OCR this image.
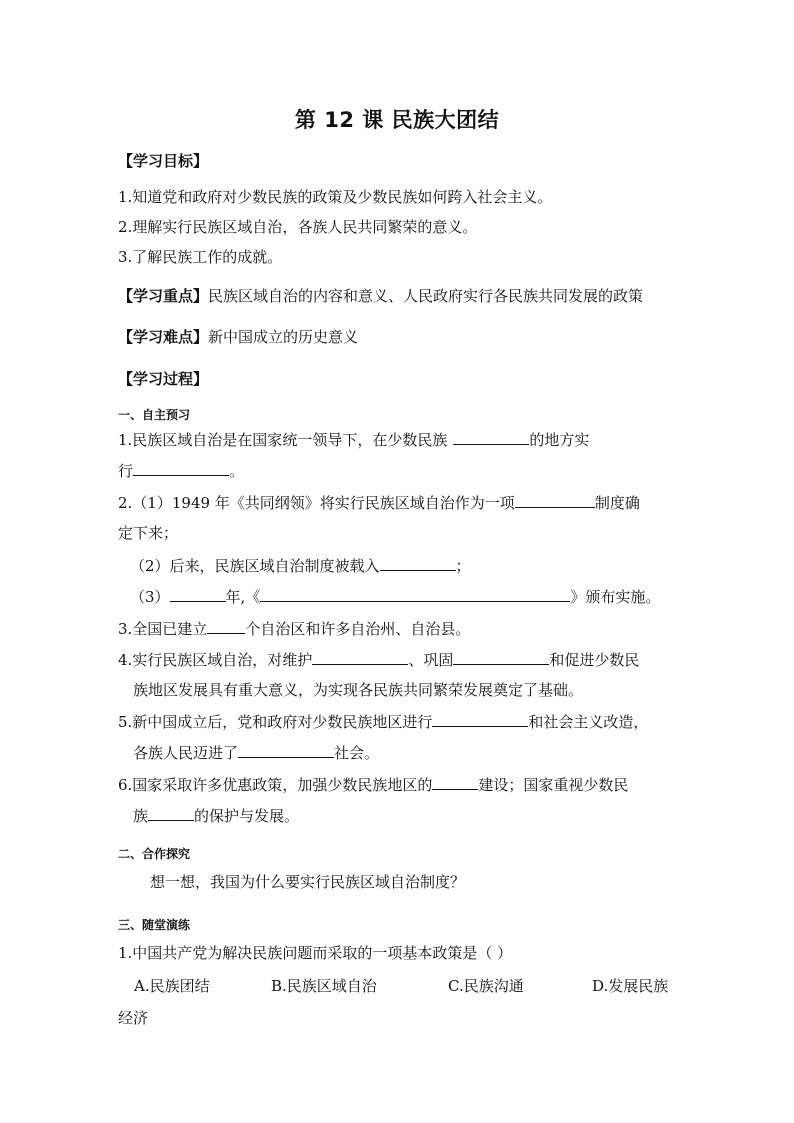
第 12 课 民族大团结
【学习目标】
1.知道党和政府对少数民族的政策及少数民族如何跨入社会主义。
2.理解实行民族区域自治，各族人民共同繁荣的意义。
3.了解民族工作的成就。
【学习重点】民族区域自治的内容和意义、人民政府实行各民族共同发展的政策
【学习难点】新中国成立的历史意义
【学习过程】
一、自主预习
1.民族区域自治是在国家统一领导下，在少数民族	的地方实
行	。
2.（1）1949 年《共同纲领》将实行民族区域自治作为一项	制度确
定下来；
（2）后来，民族区域自治制度被载入	；
（3）	年,《	》颁布实施。
3.全国已建立	个自治区和许多自治州、自治县。
4.实行民族区域自治，对维护	、巩固	和促进少数民
族地区发展具有重大意义，为实现各民族共同繁荣发展奠定了基础。
5.新中国成立后，党和政府对少数民族地区进行	和社会主义改造，
各族人民迈进了	社会。
6.国家采取许多优惠政策，加强少数民族地区的	建设；国家重视少数民
族	的保护与发展。
二、合作探究
想一想，我国为什么要实行民族区域自治制度？
三、随堂演练
1.中国共产党为解决民族问题而采取的一项基本政策是（ ）
A.民族团结	B.民族区域自治	C.民族沟通	D.发展民族
经济
